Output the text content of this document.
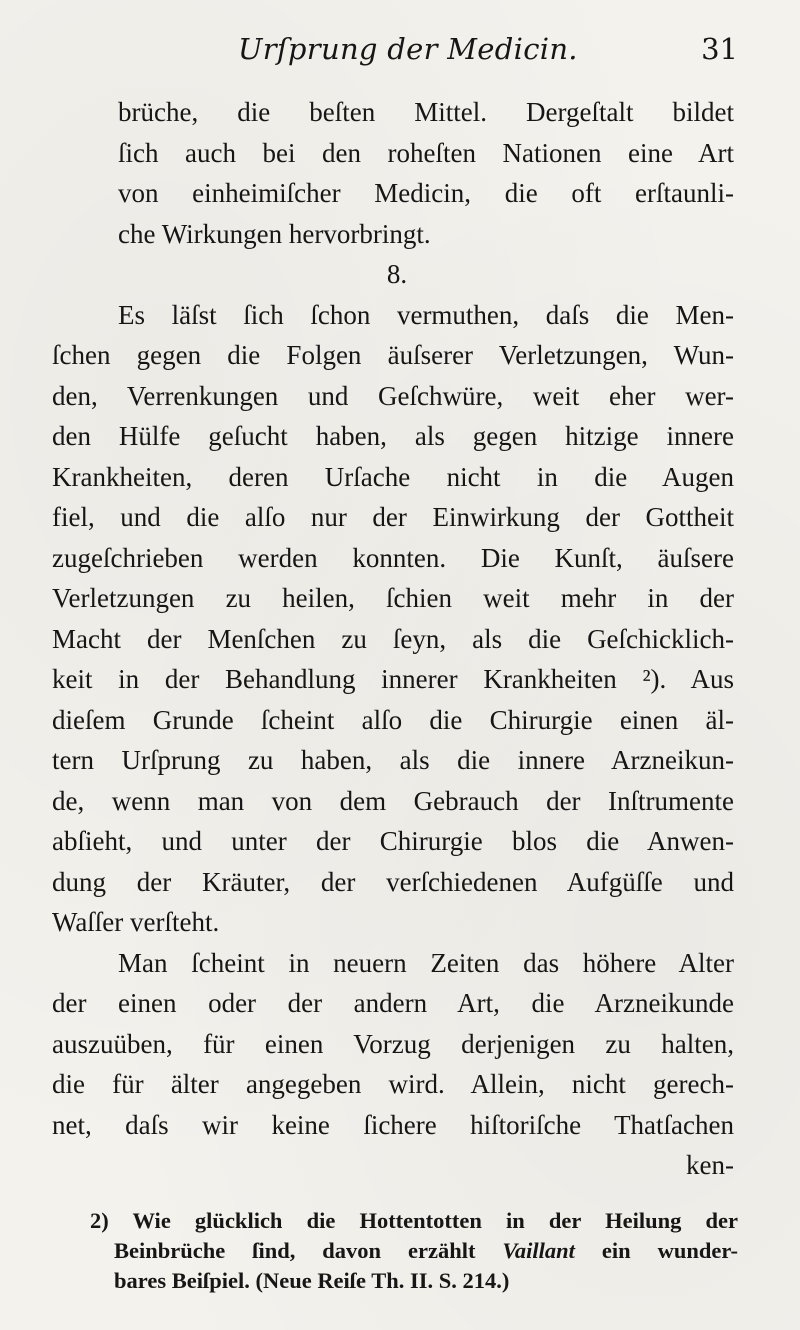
Urſprung der Medicin.	31
brüche, die beſten Mittel. Dergeſtalt bildet
ſich auch bei den roheſten Nationen eine Art
von einheimiſcher Medicin, die oft erſtaunli-
che Wirkungen hervorbringt.
8.
Es läſst ſich ſchon vermuthen, daſs die Men-
ſchen gegen die Folgen äuſserer Verletzungen, Wun-
den, Verrenkungen und Geſchwüre, weit eher wer-
den Hülfe geſucht haben, als gegen hitzige innere
Krankheiten, deren Urſache nicht in die Augen
fiel, und die alſo nur der Einwirkung der Gottheit
zugeſchrieben werden konnten. Die Kunſt, äuſsere
Verletzungen zu heilen, ſchien weit mehr in der
Macht der Menſchen zu ſeyn, als die Geſchicklich-
keit in der Behandlung innerer Krankheiten ²). Aus
dieſem Grunde ſcheint alſo die Chirurgie einen äl-
tern Urſprung zu haben, als die innere Arzneikun-
de, wenn man von dem Gebrauch der Inſtrumente
abſieht, und unter der Chirurgie blos die Anwen-
dung der Kräuter, der verſchiedenen Aufgüſſe und
Waſſer verſteht.
Man ſcheint in neuern Zeiten das höhere Alter
der einen oder der andern Art, die Arzneikunde
auszuüben, für einen Vorzug derjenigen zu halten,
die für älter angegeben wird. Allein, nicht gerech-
net, daſs wir keine ſichere hiſtoriſche Thatſachen
ken-
2) Wie glücklich die Hottentotten in der Heilung der
Beinbrüche ſind, davon erzählt Vaillant ein wunder-
bares Beiſpiel. (Neue Reiſe Th. II. S. 214.)
